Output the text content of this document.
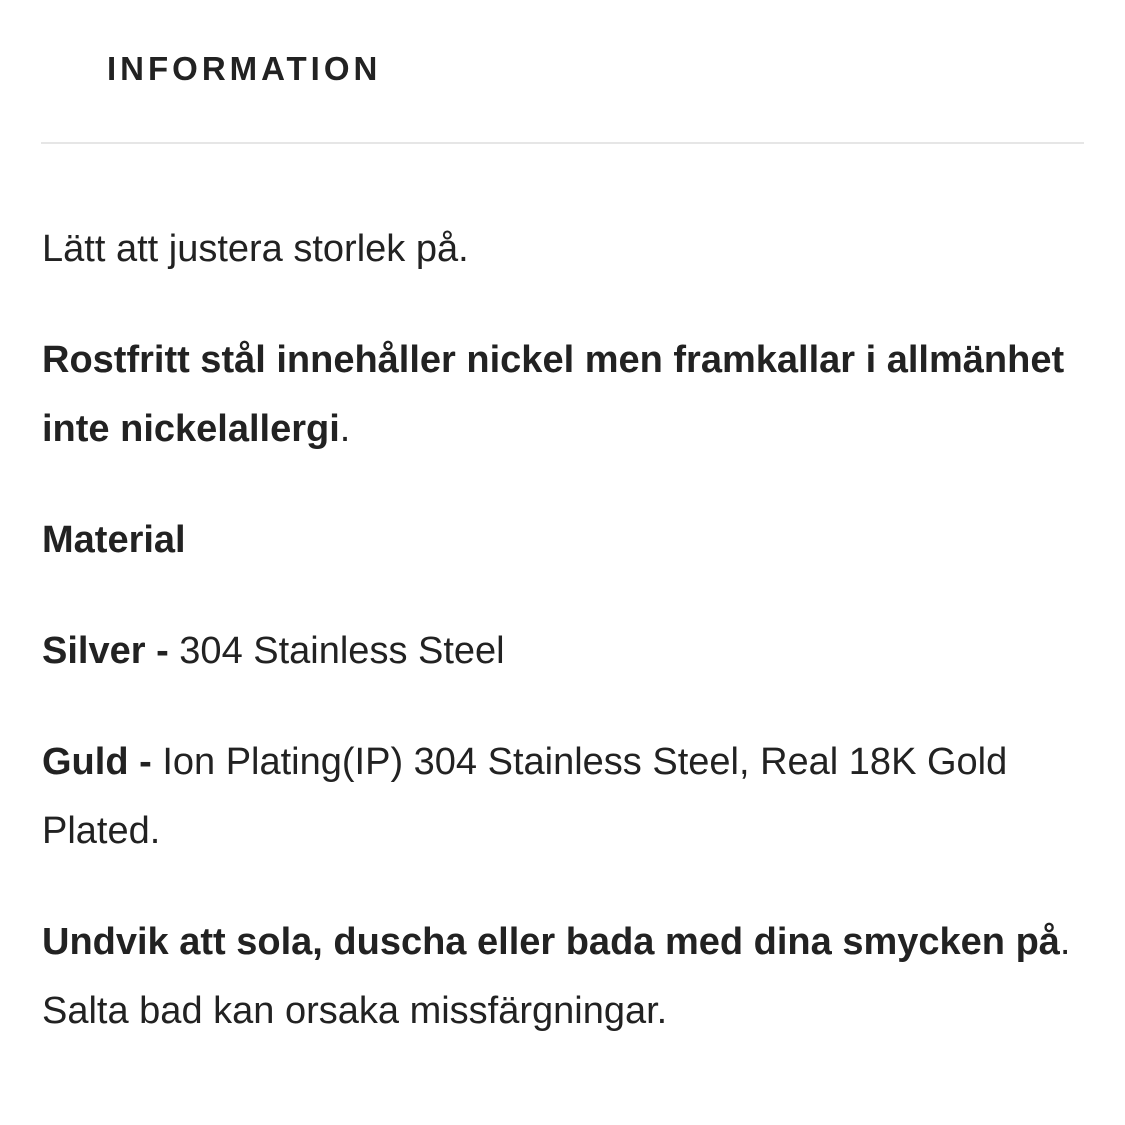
INFORMATION

Lätt att justera storlek på.

Rostfritt stål innehåller nickel men framkallar i allmänhet inte nickelallergi.

Material

Silver - 304 Stainless Steel

Guld - Ion Plating(IP) 304 Stainless Steel, Real 18K Gold Plated.

Undvik att sola, duscha eller bada med dina smycken på. Salta bad kan orsaka missfärgningar.
